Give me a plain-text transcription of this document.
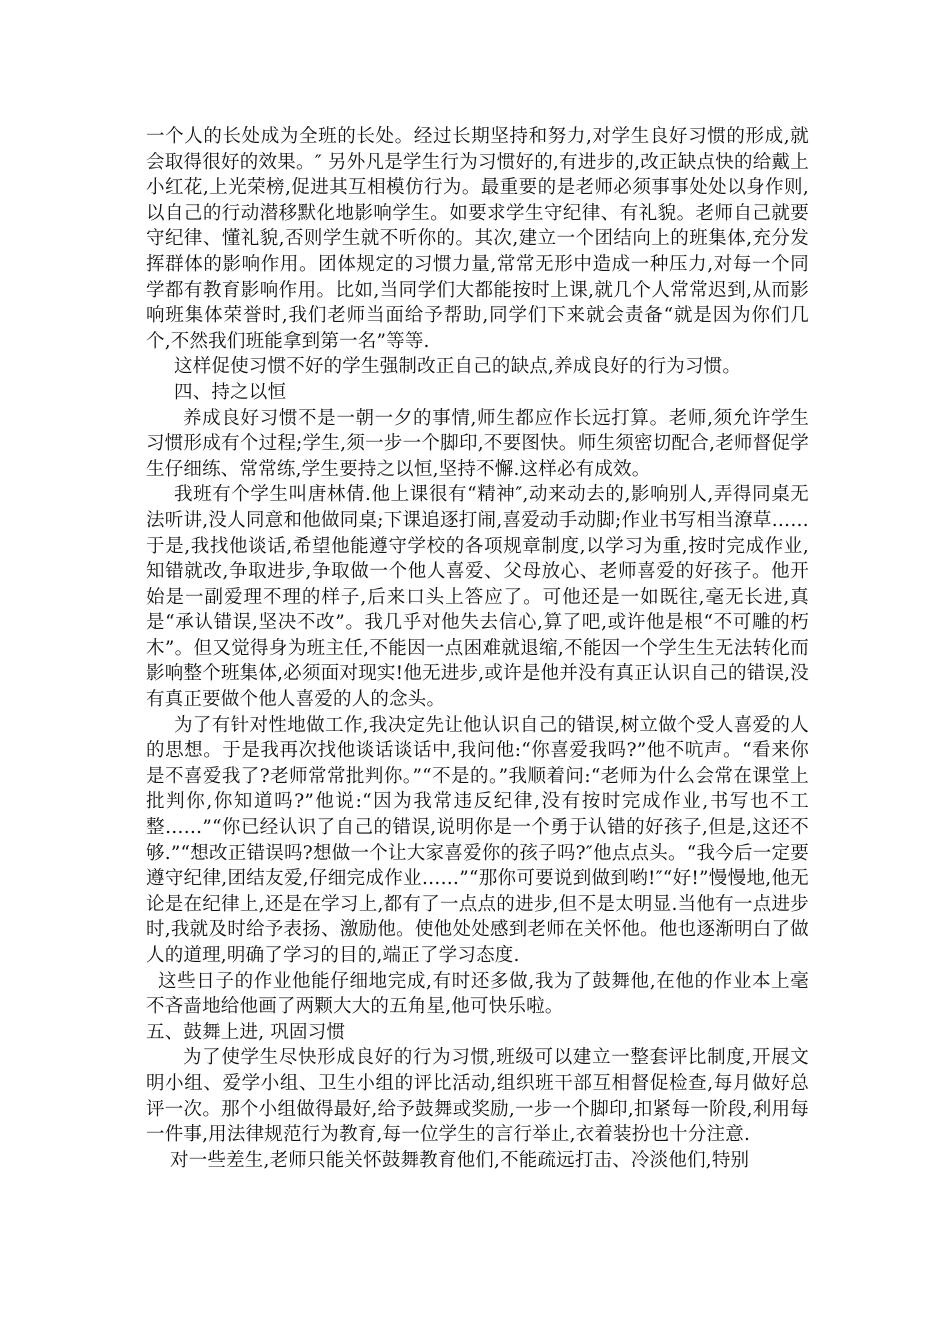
一个人的长处成为全班的长处。经过长期坚持和努力,对学生良好习惯的形成,就会取得很好的效果。″ 另外凡是学生行为习惯好的,有进步的,改正缺点快的给戴上小红花,上光荣榜,促进其互相模仿行为。最重要的是老师必须事事处处以身作则,以自己的行动潜移默化地影响学生。如要求学生守纪律、有礼貌。老师自己就要守纪律、懂礼貌,否则学生就不听你的。其次,建立一个团结向上的班集体,充分发挥群体的影响作用。团体规定的习惯力量,常常无形中造成一种压力,对每一个同学都有教育影响作用。比如,当同学们大都能按时上课,就几个人常常迟到,从而影响班集体荣誉时,我们老师当面给予帮助,同学们下来就会责备“就是因为你们几个,不然我们班能拿到第一名”等等.

这样促使习惯不好的学生强制改正自己的缺点,养成良好的行为习惯。

四、持之以恒

养成良好习惯不是一朝一夕的事情,师生都应作长远打算。老师,须允许学生习惯形成有个过程;学生,须一步一个脚印,不要图快。师生须密切配合,老师督促学生仔细练、常常练,学生要持之以恒,坚持不懈.这样必有成效。

我班有个学生叫唐林倩.他上课很有“精神″,动来动去的,影响别人,弄得同桌无法听讲,没人同意和他做同桌;下课追逐打闹,喜爱动手动脚;作业书写相当潦草……于是,我找他谈话,希望他能遵守学校的各项规章制度,以学习为重,按时完成作业,知错就改,争取进步,争取做一个他人喜爱、父母放心、老师喜爱的好孩子。他开始是一副爱理不理的样子,后来口头上答应了。可他还是一如既往,毫无长进,真是“承认错误,坚决不改”。我几乎对他失去信心,算了吧,或许他是根“不可雕的朽木”。但又觉得身为班主任,不能因一点困难就退缩,不能因一个学生生无法转化而影响整个班集体,必须面对现实!他无进步,或许是他并没有真正认识自己的错误,没有真正要做个他人喜爱的人的念头。

为了有针对性地做工作,我决定先让他认识自己的错误,树立做个受人喜爱的人的思想。于是我再次找他谈话谈话中,我问他:“你喜爱我吗?”他不吭声。“看来你是不喜爱我了?老师常常批判你。”“不是的。”我顺着问:“老师为什么会常在课堂上批判你,你知道吗?”他说:“因为我常违反纪律,没有按时完成作业,书写也不工整……”“你已经认识了自己的错误,说明你是一个勇于认错的好孩子,但是,这还不够.”“想改正错误吗?想做一个让大家喜爱你的孩子吗?″他点点头。“我今后一定要遵守纪律,团结友爱,仔细完成作业……”“那你可要说到做到哟!″“好!”慢慢地,他无论是在纪律上,还是在学习上,都有了一点点的进步,但不是太明显.当他有一点进步时,我就及时给予表扬、激励他。使他处处感到老师在关怀他。他也逐渐明白了做人的道理,明确了学习的目的,端正了学习态度.

这些日子的作业他能仔细地完成,有时还多做,我为了鼓舞他,在他的作业本上毫不吝啬地给他画了两颗大大的五角星,他可快乐啦。

五、鼓舞上进, 巩固习惯

为了使学生尽快形成良好的行为习惯,班级可以建立一整套评比制度,开展文明小组、爱学小组、卫生小组的评比活动,组织班干部互相督促检查,每月做好总评一次。那个小组做得最好,给予鼓舞或奖励,一步一个脚印,扣紧每一阶段,利用每一件事,用法律规范行为教育,每一位学生的言行举止,衣着装扮也十分注意.

对一些差生,老师只能关怀鼓舞教育他们,不能疏远打击、冷淡他们,特别
